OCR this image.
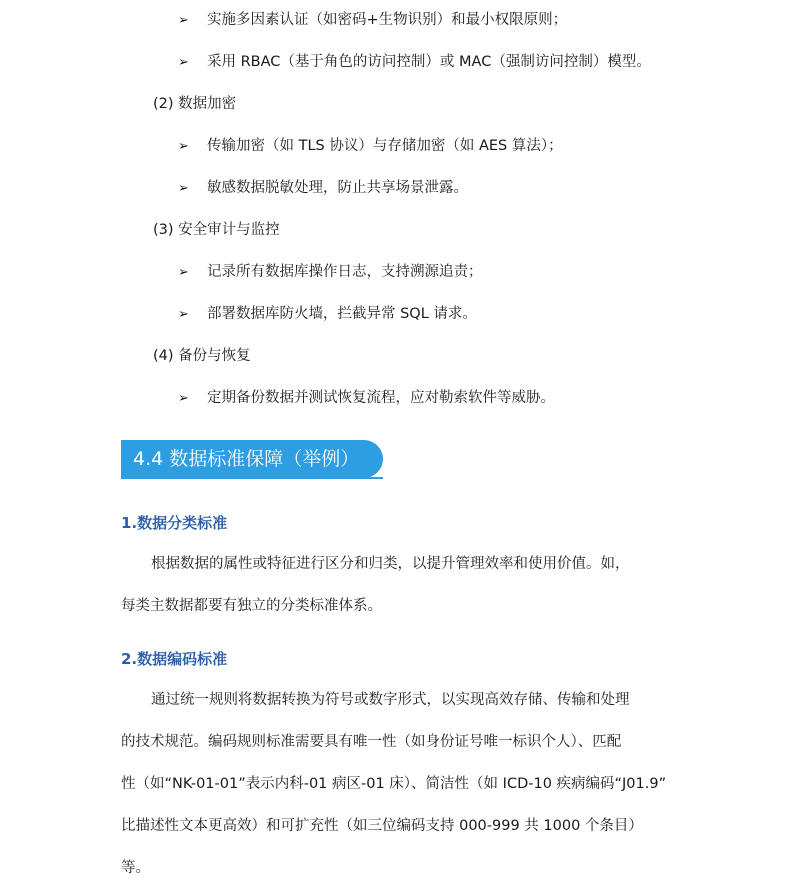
➢ 实施多因素认证（如密码+生物识别）和最小权限原则；
➢ 采用 RBAC（基于角色的访问控制）或 MAC（强制访问控制）模型。
(2) 数据加密
➢ 传输加密（如 TLS 协议）与存储加密（如 AES 算法）；
➢ 敏感数据脱敏处理，防止共享场景泄露。
(3) 安全审计与监控
➢ 记录所有数据库操作日志，支持溯源追责；
➢ 部署数据库防火墙，拦截异常 SQL 请求。
(4) 备份与恢复
➢ 定期备份数据并测试恢复流程，应对勒索软件等威胁。
4.4 数据标准保障（举例）
1.数据分类标准
根据数据的属性或特征进行区分和归类，以提升管理效率和使用价值。如，
每类主数据都要有独立的分类标准体系。
2.数据编码标准
通过统一规则将数据转换为符号或数字形式，以实现高效存储、传输和处理
的技术规范。编码规则标准需要具有唯一性（如身份证号唯一标识个人）、匹配
性（如“NK-01-01”表示内科-01 病区-01 床）、简洁性（如 ICD-10 疾病编码“J01.9”
比描述性文本更高效）和可扩充性（如三位编码支持 000-999 共 1000 个条目）
等。
